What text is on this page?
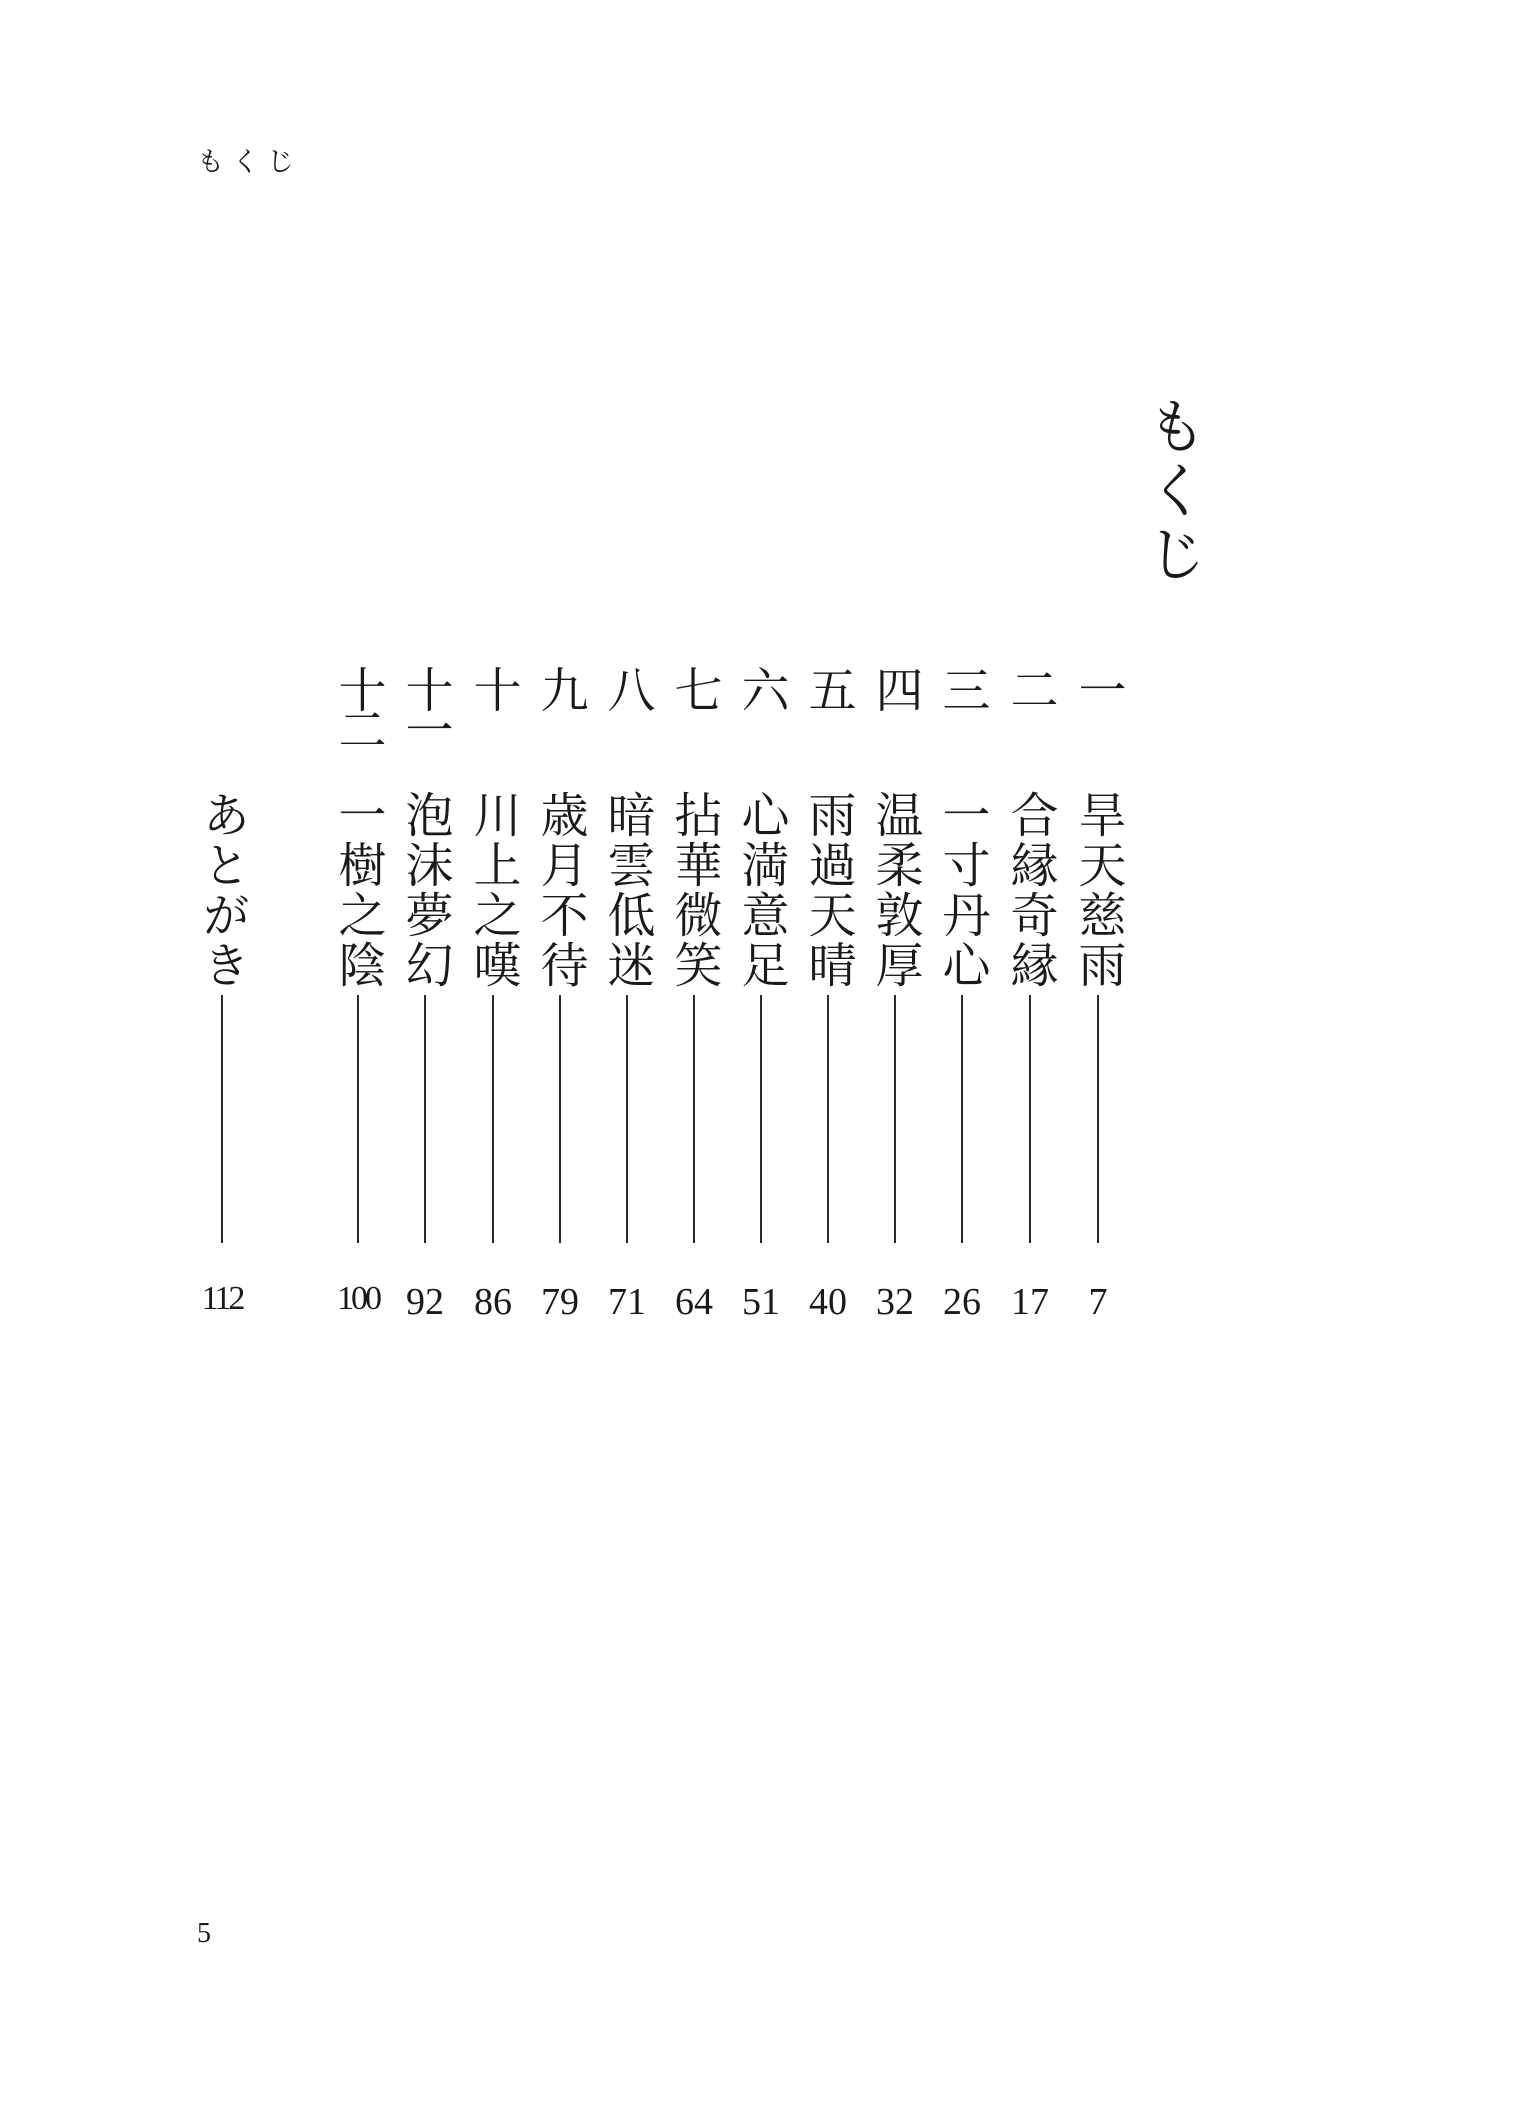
もくじ
もくじ
一
旱天慈雨
7
二
合縁奇縁
17
三
一寸丹心
26
四
温柔敦厚
32
五
雨過天晴
40
六
心満意足
51
七
拈華微笑
64
八
暗雲低迷
71
九
歳月不待
79
十
川上之嘆
86
十一
泡沫夢幻
92
十二
一樹之陰
100
あとがき
112
5
